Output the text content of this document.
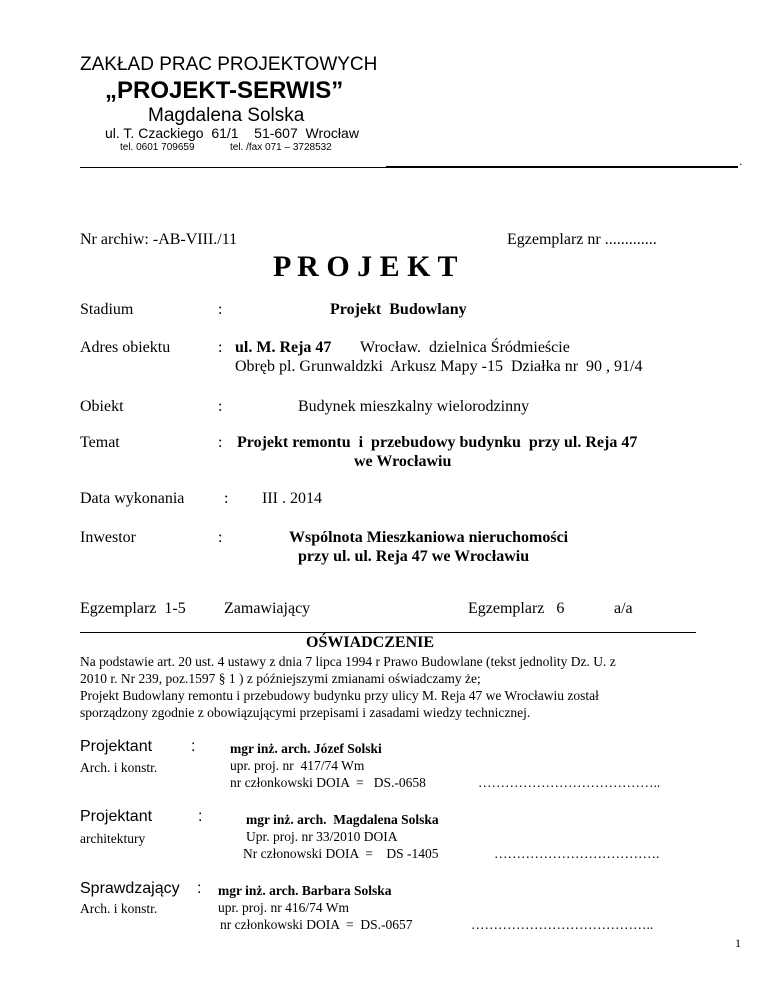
ZAKŁAD PRAC PROJEKTOWYCH
„PROJEKT-SERWIS”
Magdalena Solska
ul. T. Czackiego  61/1    51-607  Wrocław
tel. 0601 709659	tel. /fax 071 – 3728532
.
Nr archiw: -AB-VIII./11	Egzemplarz nr .............
P R O J E K T
Stadium	:	Projekt  Budowlany
Adres obiektu	: ul. M. Reja 47 Wrocław.  dzielnica Śródmieście
Obręb pl. Grunwaldzki  Arkusz Mapy -15  Działka nr  90 , 91/4
Obiekt	:	Budynek mieszkalny wielorodzinny
Temat	: Projekt remontu  i  przebudowy budynku  przy ul. Reja 47
we Wrocławiu
Data wykonania : III . 2014
Inwestor	:	Wspólnota Mieszkaniowa nieruchomości
przy ul. ul. Reja 47 we Wrocławiu
Egzemplarz  1-5 Zamawiający	Egzemplarz   6	a/a
OŚWIADCZENIE
Na podstawie art. 20 ust. 4 ustawy z dnia 7 lipca 1994 r Prawo Budowlane (tekst jednolity Dz. U. z
2010 r. Nr 239, poz.1597 § 1 ) z późniejszymi zmianami oświadczamy że;
Projekt Budowlany remontu i przebudowy budynku przy ulicy M. Reja 47 we Wrocławiu został
sporządzony zgodnie z obowiązującymi przepisami i zasadami wiedzy technicznej.
Projektant :
Arch. i konstr.
mgr inż. arch. Józef Solski
upr. proj. nr  417/74 Wm
nr członkowski DOIA  =   DS.-0658	…………………………………..
Projektant	:
architektury
mgr inż. arch.  Magdalena Solska
Upr. proj. nr 33/2010 DOIA
Nr członowski DOIA  =    DS -1405	……………………………….
Sprawdzający :
Arch. i konstr.
mgr inż. arch. Barbara Solska
upr. proj. nr 416/74 Wm
nr członkowski DOIA  =  DS.-0657	…………………………………..
1
